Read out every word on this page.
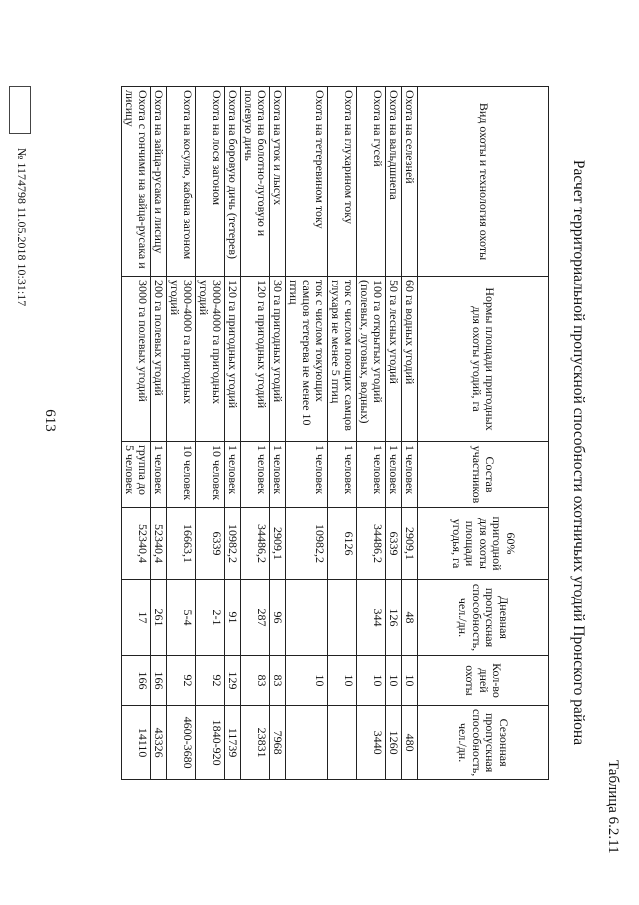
613
Таблица 6.2.11
Расчет территориальной пропускной способности охотничьих угодий Пронского района
Вид охоты и технология охоты	Нормы площади пригодных для охоты угодий, га	Состав участников	60% пригодной для охоты площади угодья, га	Дневная пропускная способность, чел./дн.	Кол-во дней охоты	Сезонная пропускная способность, чел./дн.
Охота на селезней	60 га водных угодий	1 человек	2909,1	48	10	480
Охота на вальдшнепа	50 га лесных угодий	1 человек	6339	126	10	1260
Охота на гусей	100 га открытых угодий (полевых, луговых, водных)	1 человек	34486,2	344	10	3440
Охота на глухарином току	ток с числом поющих самцов глухаря не менее 5 птиц	1 человек	6126		10	
Охота на тетеревином току	ток с числом токующих самцов тетерева не менее 10 птиц	1 человек	10982,2		10	
Охота на уток и лысух	30 га пригодных угодий	1 человек	2909,1	96	83	7968
Охота на болотно-луговую и полевую дичь	120 га пригодных угодий	1 человек	34486,2	287	83	23831
Охота на боровую дичь (тетерев)	120 га пригодных угодий	1 человек	10982,2	91	129	11739
Охота на лося загоном	3000-4000 га пригодных угодий	10 человек	6339	2-1	92	1840-920
Охота на косулю, кабана загоном	3000-4000 га пригодных угодий	10 человек	16663,1	5-4	92	4600-3680
Охота на зайца-русака и лисицу	200 га полевых угодий	1 человек	52340,4	261	166	43326
Охота с гончими на зайца-русака и лисицу	3000 га полевых угодий	группа до 5 человек	52340,4	17	166	14110
№ 1174798 11.05.2018 10:31:17
